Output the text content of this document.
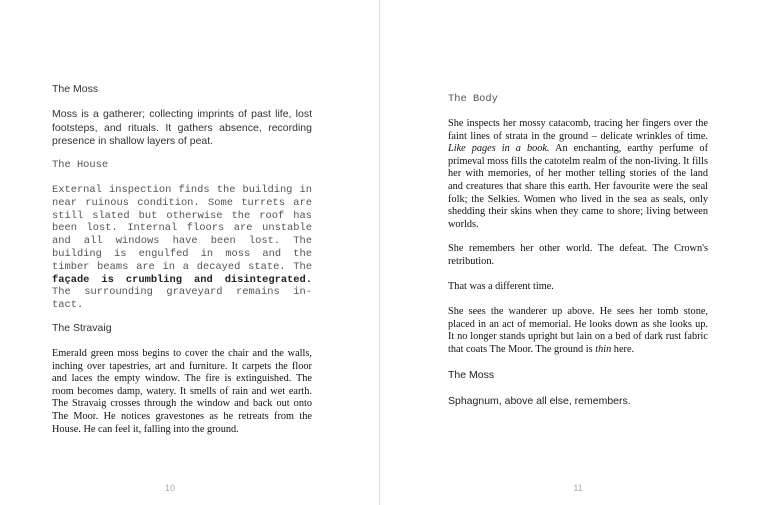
The Moss

Moss is a gatherer; collecting imprints of past life, lost footsteps, and rituals. It gathers absence, recording presence in shallow layers of peat.

The House

External inspection finds the building in near ruinous condition. Some turrets are still slated but otherwise the roof has been lost. Internal floors are unstable and all windows have been lost. The building is engulfed in moss and the timber beams are in a decayed state. The façade is crumbling and disintegrated. The surrounding graveyard remains in-tact.

The Stravaig

Emerald green moss begins to cover the chair and the walls, inching over tapestries, art and furniture. It carpets the floor and laces the empty window. The fire is extinguished. The room becomes damp, watery. It smells of rain and wet earth. The Stravaig crosses through the window and back out onto The Moor. He notices gravestones as he retreats from the House. He can feel it, falling into the ground.

10

The Body

She inspects her mossy catacomb, tracing her fingers over the faint lines of strata in the ground – delicate wrinkles of time. Like pages in a book. An enchanting, earthy perfume of primeval moss fills the catotelm realm of the non-living. It fills her with memories, of her mother telling stories of the land and creatures that share this earth. Her favourite were the seal folk; the Selkies. Women who lived in the sea as seals, only shedding their skins when they came to shore; living between worlds.

She remembers her other world. The defeat. The Crown's retribution.

That was a different time.

She sees the wanderer up above. He sees her tomb stone, placed in an act of memorial. He looks down as she looks up. It no longer stands upright but lain on a bed of dark rust fabric that coats The Moor. The ground is thin here.

The Moss

Sphagnum, above all else, remembers.

11
